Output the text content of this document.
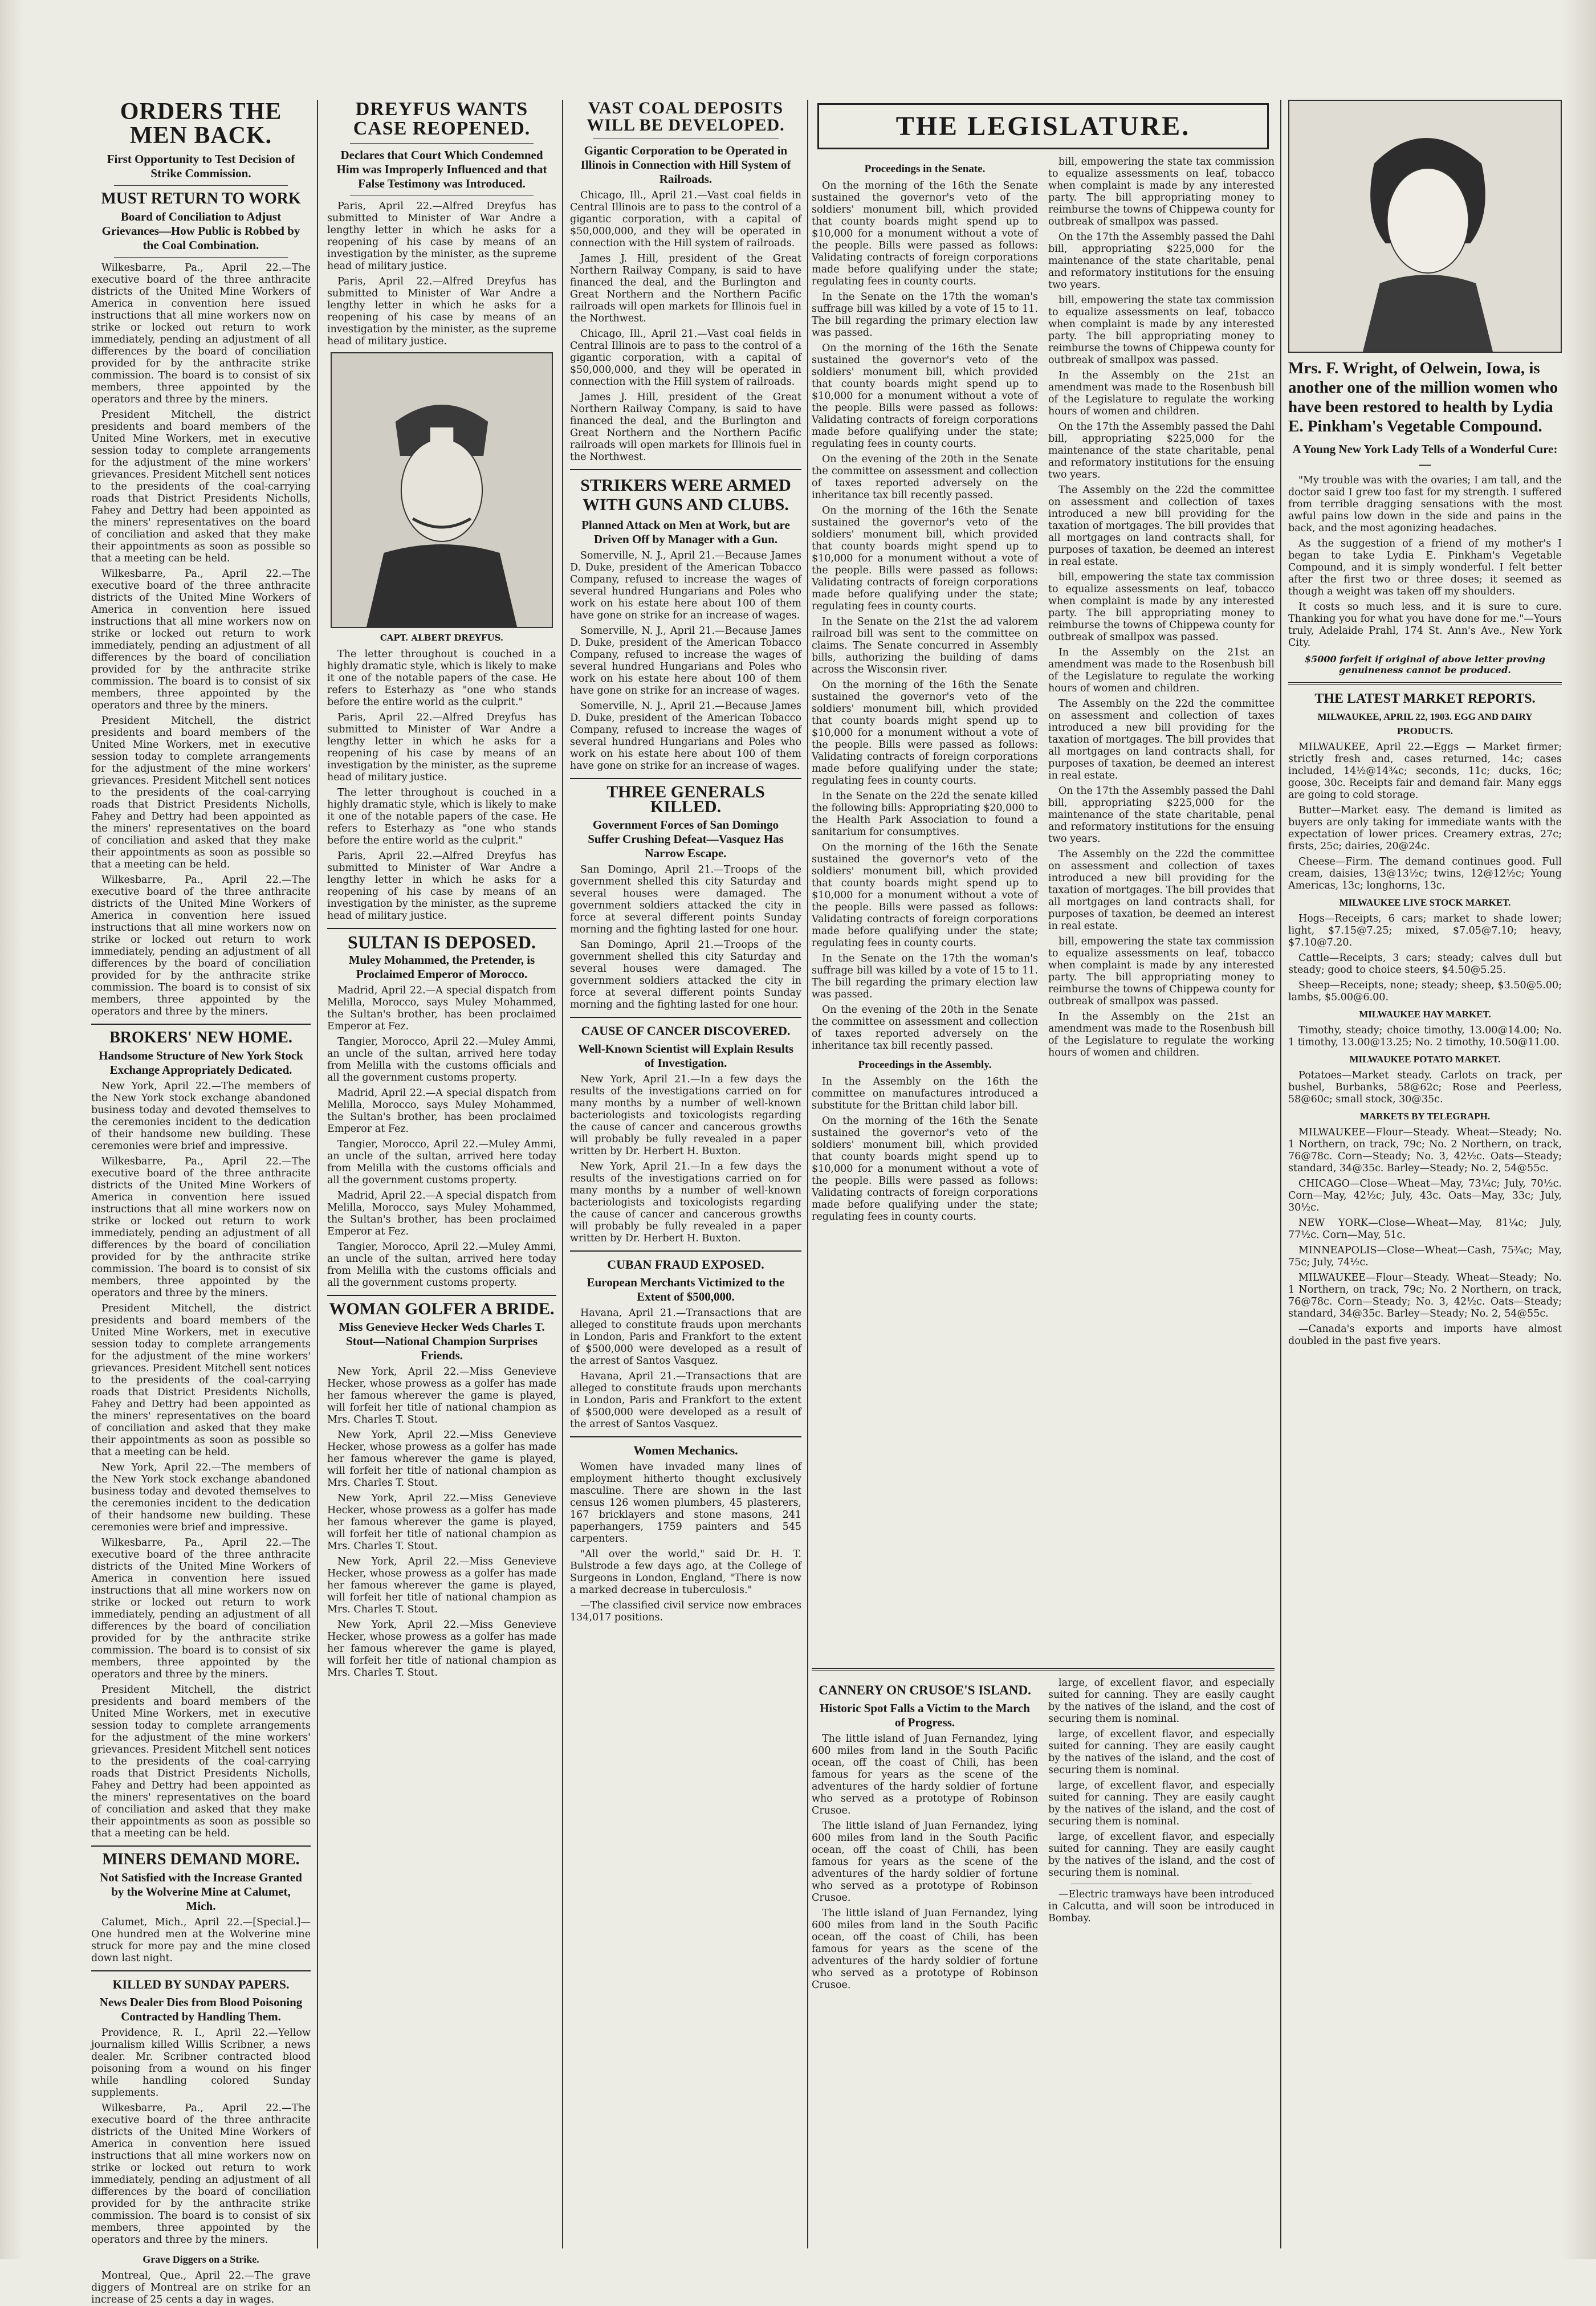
ORDERS THE MEN BACK.
First Opportunity to Test Decision of Strike Commission.
MUST RETURN TO WORK
Board of Conciliation to Adjust Grievances—How Public is Robbed by the Coal Combination.

Wilkesbarre, Pa., April 22.—The executive board of the three anthracite districts of the United Mine Workers of America in convention here issued instructions that all mine workers now on strike or locked out return to work immediately, pending an adjustment of all differences by the board of conciliation provided for by the anthracite strike commission. The board is to consist of six members, three appointed by the operators and three by the miners.

President Mitchell, the district presidents and board members of the United Mine Workers, met in executive session today to complete arrangements for the adjustment of the mine workers' grievances. President Mitchell sent notices to the presidents of the coal-carrying roads that District Presidents Nicholls, Fahey and Dettry had been appointed as the miners' representatives on the board of conciliation and asked that they make their appointments as soon as possible so that a meeting can be held.

Wilkesbarre, Pa., April 22.—The executive board of the three anthracite districts of the United Mine Workers of America in convention here issued instructions that all mine workers now on strike or locked out return to work immediately, pending an adjustment of all differences by the board of conciliation provided for by the anthracite strike commission. The board is to consist of six members, three appointed by the operators and three by the miners.

President Mitchell, the district presidents and board members of the United Mine Workers, met in executive session today to complete arrangements for the adjustment of the mine workers' grievances. President Mitchell sent notices to the presidents of the coal-carrying roads that District Presidents Nicholls, Fahey and Dettry had been appointed as the miners' representatives on the board of conciliation and asked that they make their appointments as soon as possible so that a meeting can be held.

Wilkesbarre, Pa., April 22.—The executive board of the three anthracite districts of the United Mine Workers of America in convention here issued instructions that all mine workers now on strike or locked out return to work immediately, pending an adjustment of all differences by the board of conciliation provided for by the anthracite strike commission. The board is to consist of six members, three appointed by the operators and three by the miners.

BROKERS' NEW HOME.
Handsome Structure of New York Stock Exchange Appropriately Dedicated.

New York, April 22.—The members of the New York stock exchange abandoned business today and devoted themselves to the ceremonies incident to the dedication of their handsome new building. These ceremonies were brief and impressive.

Wilkesbarre, Pa., April 22.—The executive board of the three anthracite districts of the United Mine Workers of America in convention here issued instructions that all mine workers now on strike or locked out return to work immediately, pending an adjustment of all differences by the board of conciliation provided for by the anthracite strike commission. The board is to consist of six members, three appointed by the operators and three by the miners.

President Mitchell, the district presidents and board members of the United Mine Workers, met in executive session today to complete arrangements for the adjustment of the mine workers' grievances. President Mitchell sent notices to the presidents of the coal-carrying roads that District Presidents Nicholls, Fahey and Dettry had been appointed as the miners' representatives on the board of conciliation and asked that they make their appointments as soon as possible so that a meeting can be held.

New York, April 22.—The members of the New York stock exchange abandoned business today and devoted themselves to the ceremonies incident to the dedication of their handsome new building. These ceremonies were brief and impressive.

Wilkesbarre, Pa., April 22.—The executive board of the three anthracite districts of the United Mine Workers of America in convention here issued instructions that all mine workers now on strike or locked out return to work immediately, pending an adjustment of all differences by the board of conciliation provided for by the anthracite strike commission. The board is to consist of six members, three appointed by the operators and three by the miners.

President Mitchell, the district presidents and board members of the United Mine Workers, met in executive session today to complete arrangements for the adjustment of the mine workers' grievances. President Mitchell sent notices to the presidents of the coal-carrying roads that District Presidents Nicholls, Fahey and Dettry had been appointed as the miners' representatives on the board of conciliation and asked that they make their appointments as soon as possible so that a meeting can be held.

MINERS DEMAND MORE.
Not Satisfied with the Increase Granted by the Wolverine Mine at Calumet, Mich.

Calumet, Mich., April 22.—[Special.]—One hundred men at the Wolverine mine struck for more pay and the mine closed down last night.

KILLED BY SUNDAY PAPERS.
News Dealer Dies from Blood Poisoning Contracted by Handling Them.

Providence, R. I., April 22.—Yellow journalism killed Willis Scribner, a news dealer. Mr. Scribner contracted blood poisoning from a wound on his finger while handling colored Sunday supplements.

Wilkesbarre, Pa., April 22.—The executive board of the three anthracite districts of the United Mine Workers of America in convention here issued instructions that all mine workers now on strike or locked out return to work immediately, pending an adjustment of all differences by the board of conciliation provided for by the anthracite strike commission. The board is to consist of six members, three appointed by the operators and three by the miners.

Grave Diggers on a Strike.

Montreal, Que., April 22.—The grave diggers of Montreal are on strike for an increase of 25 cents a day in wages.

DREYFUS WANTS CASE REOPENED.
Declares that Court Which Condemned Him was Improperly Influenced and that False Testimony was Introduced.

Paris, April 22.—Alfred Dreyfus has submitted to Minister of War Andre a lengthy letter in which he asks for a reopening of his case by means of an investigation by the minister, as the supreme head of military justice.

Paris, April 22.—Alfred Dreyfus has submitted to Minister of War Andre a lengthy letter in which he asks for a reopening of his case by means of an investigation by the minister, as the supreme head of military justice.

CAPT. ALBERT DREYFUS.

The letter throughout is couched in a highly dramatic style, which is likely to make it one of the notable papers of the case. He refers to Esterhazy as "one who stands before the entire world as the culprit."

Paris, April 22.—Alfred Dreyfus has submitted to Minister of War Andre a lengthy letter in which he asks for a reopening of his case by means of an investigation by the minister, as the supreme head of military justice.

The letter throughout is couched in a highly dramatic style, which is likely to make it one of the notable papers of the case. He refers to Esterhazy as "one who stands before the entire world as the culprit."

Paris, April 22.—Alfred Dreyfus has submitted to Minister of War Andre a lengthy letter in which he asks for a reopening of his case by means of an investigation by the minister, as the supreme head of military justice.

SULTAN IS DEPOSED.
Muley Mohammed, the Pretender, is Proclaimed Emperor of Morocco.

Madrid, April 22.—A special dispatch from Melilla, Morocco, says Muley Mohammed, the Sultan's brother, has been proclaimed Emperor at Fez.

Tangier, Morocco, April 22.—Muley Ammi, an uncle of the sultan, arrived here today from Melilla with the customs officials and all the government customs property.

Madrid, April 22.—A special dispatch from Melilla, Morocco, says Muley Mohammed, the Sultan's brother, has been proclaimed Emperor at Fez.

Tangier, Morocco, April 22.—Muley Ammi, an uncle of the sultan, arrived here today from Melilla with the customs officials and all the government customs property.

Madrid, April 22.—A special dispatch from Melilla, Morocco, says Muley Mohammed, the Sultan's brother, has been proclaimed Emperor at Fez.

Tangier, Morocco, April 22.—Muley Ammi, an uncle of the sultan, arrived here today from Melilla with the customs officials and all the government customs property.

WOMAN GOLFER A BRIDE.
Miss Genevieve Hecker Weds Charles T. Stout—National Champion Surprises Friends.

New York, April 22.—Miss Genevieve Hecker, whose prowess as a golfer has made her famous wherever the game is played, will forfeit her title of national champion as Mrs. Charles T. Stout.

New York, April 22.—Miss Genevieve Hecker, whose prowess as a golfer has made her famous wherever the game is played, will forfeit her title of national champion as Mrs. Charles T. Stout.

New York, April 22.—Miss Genevieve Hecker, whose prowess as a golfer has made her famous wherever the game is played, will forfeit her title of national champion as Mrs. Charles T. Stout.

New York, April 22.—Miss Genevieve Hecker, whose prowess as a golfer has made her famous wherever the game is played, will forfeit her title of national champion as Mrs. Charles T. Stout.

New York, April 22.—Miss Genevieve Hecker, whose prowess as a golfer has made her famous wherever the game is played, will forfeit her title of national champion as Mrs. Charles T. Stout.

VAST COAL DEPOSITS WILL BE DEVELOPED.
Gigantic Corporation to be Operated in Illinois in Connection with Hill System of Railroads.

Chicago, Ill., April 21.—Vast coal fields in Central Illinois are to pass to the control of a gigantic corporation, with a capital of $50,000,000, and they will be operated in connection with the Hill system of railroads.

James J. Hill, president of the Great Northern Railway Company, is said to have financed the deal, and the Burlington and Great Northern and the Northern Pacific railroads will open markets for Illinois fuel in the Northwest.

Chicago, Ill., April 21.—Vast coal fields in Central Illinois are to pass to the control of a gigantic corporation, with a capital of $50,000,000, and they will be operated in connection with the Hill system of railroads.

James J. Hill, president of the Great Northern Railway Company, is said to have financed the deal, and the Burlington and Great Northern and the Northern Pacific railroads will open markets for Illinois fuel in the Northwest.

STRIKERS WERE ARMED WITH GUNS AND CLUBS.
Planned Attack on Men at Work, but are Driven Off by Manager with a Gun.

Somerville, N. J., April 21.—Because James D. Duke, president of the American Tobacco Company, refused to increase the wages of several hundred Hungarians and Poles who work on his estate here about 100 of them have gone on strike for an increase of wages.

Somerville, N. J., April 21.—Because James D. Duke, president of the American Tobacco Company, refused to increase the wages of several hundred Hungarians and Poles who work on his estate here about 100 of them have gone on strike for an increase of wages.

Somerville, N. J., April 21.—Because James D. Duke, president of the American Tobacco Company, refused to increase the wages of several hundred Hungarians and Poles who work on his estate here about 100 of them have gone on strike for an increase of wages.

THREE GENERALS KILLED.
Government Forces of San Domingo Suffer Crushing Defeat—Vasquez Has Narrow Escape.

San Domingo, April 21.—Troops of the government shelled this city Saturday and several houses were damaged. The government soldiers attacked the city in force at several different points Sunday morning and the fighting lasted for one hour.

San Domingo, April 21.—Troops of the government shelled this city Saturday and several houses were damaged. The government soldiers attacked the city in force at several different points Sunday morning and the fighting lasted for one hour.

CAUSE OF CANCER DISCOVERED.
Well-Known Scientist will Explain Results of Investigation.

New York, April 21.—In a few days the results of the investigations carried on for many months by a number of well-known bacteriologists and toxicologists regarding the cause of cancer and cancerous growths will probably be fully revealed in a paper written by Dr. Herbert H. Buxton.

New York, April 21.—In a few days the results of the investigations carried on for many months by a number of well-known bacteriologists and toxicologists regarding the cause of cancer and cancerous growths will probably be fully revealed in a paper written by Dr. Herbert H. Buxton.

CUBAN FRAUD EXPOSED.
European Merchants Victimized to the Extent of $500,000.

Havana, April 21.—Transactions that are alleged to constitute frauds upon merchants in London, Paris and Frankfort to the extent of $500,000 were developed as a result of the arrest of Santos Vasquez.

Havana, April 21.—Transactions that are alleged to constitute frauds upon merchants in London, Paris and Frankfort to the extent of $500,000 were developed as a result of the arrest of Santos Vasquez.

Women Mechanics.

Women have invaded many lines of employment hitherto thought exclusively masculine. There are shown in the last census 126 women plumbers, 45 plasterers, 167 bricklayers and stone masons, 241 paperhangers, 1759 painters and 545 carpenters.

"All over the world," said Dr. H. T. Bulstrode a few days ago, at the College of Surgeons in London, England, "There is now a marked decrease in tuberculosis."

—The classified civil service now embraces 134,017 positions.

THE LEGISLATURE.
Proceedings in the Senate.

On the morning of the 16th the Senate sustained the governor's veto of the soldiers' monument bill, which provided that county boards might spend up to $10,000 for a monument without a vote of the people. Bills were passed as follows: Validating contracts of foreign corporations made before qualifying under the state; regulating fees in county courts.

In the Senate on the 17th the woman's suffrage bill was killed by a vote of 15 to 11. The bill regarding the primary election law was passed.

On the morning of the 16th the Senate sustained the governor's veto of the soldiers' monument bill, which provided that county boards might spend up to $10,000 for a monument without a vote of the people. Bills were passed as follows: Validating contracts of foreign corporations made before qualifying under the state; regulating fees in county courts.

On the evening of the 20th in the Senate the committee on assessment and collection of taxes reported adversely on the inheritance tax bill recently passed.

On the morning of the 16th the Senate sustained the governor's veto of the soldiers' monument bill, which provided that county boards might spend up to $10,000 for a monument without a vote of the people. Bills were passed as follows: Validating contracts of foreign corporations made before qualifying under the state; regulating fees in county courts.

In the Senate on the 21st the ad valorem railroad bill was sent to the committee on claims. The Senate concurred in Assembly bills, authorizing the building of dams across the Wisconsin river.

On the morning of the 16th the Senate sustained the governor's veto of the soldiers' monument bill, which provided that county boards might spend up to $10,000 for a monument without a vote of the people. Bills were passed as follows: Validating contracts of foreign corporations made before qualifying under the state; regulating fees in county courts.

In the Senate on the 22d the senate killed the following bills: Appropriating $20,000 to the Health Park Association to found a sanitarium for consumptives.

On the morning of the 16th the Senate sustained the governor's veto of the soldiers' monument bill, which provided that county boards might spend up to $10,000 for a monument without a vote of the people. Bills were passed as follows: Validating contracts of foreign corporations made before qualifying under the state; regulating fees in county courts.

In the Senate on the 17th the woman's suffrage bill was killed by a vote of 15 to 11. The bill regarding the primary election law was passed.

On the evening of the 20th in the Senate the committee on assessment and collection of taxes reported adversely on the inheritance tax bill recently passed.

Proceedings in the Assembly.

In the Assembly on the 16th the committee on manufactures introduced a substitute for the Brittan child labor bill.

On the morning of the 16th the Senate sustained the governor's veto of the soldiers' monument bill, which provided that county boards might spend up to $10,000 for a monument without a vote of the people. Bills were passed as follows: Validating contracts of foreign corporations made before qualifying under the state; regulating fees in county courts.

bill, empowering the state tax commission to equalize assessments on leaf, tobacco when complaint is made by any interested party. The bill appropriating money to reimburse the towns of Chippewa county for outbreak of smallpox was passed.

On the 17th the Assembly passed the Dahl bill, appropriating $225,000 for the maintenance of the state charitable, penal and reformatory institutions for the ensuing two years.

bill, empowering the state tax commission to equalize assessments on leaf, tobacco when complaint is made by any interested party. The bill appropriating money to reimburse the towns of Chippewa county for outbreak of smallpox was passed.

In the Assembly on the 21st an amendment was made to the Rosenbush bill of the Legislature to regulate the working hours of women and children.

On the 17th the Assembly passed the Dahl bill, appropriating $225,000 for the maintenance of the state charitable, penal and reformatory institutions for the ensuing two years.

The Assembly on the 22d the committee on assessment and collection of taxes introduced a new bill providing for the taxation of mortgages. The bill provides that all mortgages on land contracts shall, for purposes of taxation, be deemed an interest in real estate.

bill, empowering the state tax commission to equalize assessments on leaf, tobacco when complaint is made by any interested party. The bill appropriating money to reimburse the towns of Chippewa county for outbreak of smallpox was passed.

In the Assembly on the 21st an amendment was made to the Rosenbush bill of the Legislature to regulate the working hours of women and children.

The Assembly on the 22d the committee on assessment and collection of taxes introduced a new bill providing for the taxation of mortgages. The bill provides that all mortgages on land contracts shall, for purposes of taxation, be deemed an interest in real estate.

On the 17th the Assembly passed the Dahl bill, appropriating $225,000 for the maintenance of the state charitable, penal and reformatory institutions for the ensuing two years.

The Assembly on the 22d the committee on assessment and collection of taxes introduced a new bill providing for the taxation of mortgages. The bill provides that all mortgages on land contracts shall, for purposes of taxation, be deemed an interest in real estate.

bill, empowering the state tax commission to equalize assessments on leaf, tobacco when complaint is made by any interested party. The bill appropriating money to reimburse the towns of Chippewa county for outbreak of smallpox was passed.

In the Assembly on the 21st an amendment was made to the Rosenbush bill of the Legislature to regulate the working hours of women and children.

CANNERY ON CRUSOE'S ISLAND.
Historic Spot Falls a Victim to the March of Progress.

The little island of Juan Fernandez, lying 600 miles from land in the South Pacific ocean, off the coast of Chili, has been famous for years as the scene of the adventures of the hardy soldier of fortune who served as a prototype of Robinson Crusoe.

The little island of Juan Fernandez, lying 600 miles from land in the South Pacific ocean, off the coast of Chili, has been famous for years as the scene of the adventures of the hardy soldier of fortune who served as a prototype of Robinson Crusoe.

The little island of Juan Fernandez, lying 600 miles from land in the South Pacific ocean, off the coast of Chili, has been famous for years as the scene of the adventures of the hardy soldier of fortune who served as a prototype of Robinson Crusoe.

large, of excellent flavor, and especially suited for canning. They are easily caught by the natives of the island, and the cost of securing them is nominal.

large, of excellent flavor, and especially suited for canning. They are easily caught by the natives of the island, and the cost of securing them is nominal.

large, of excellent flavor, and especially suited for canning. They are easily caught by the natives of the island, and the cost of securing them is nominal.

large, of excellent flavor, and especially suited for canning. They are easily caught by the natives of the island, and the cost of securing them is nominal.

—Electric tramways have been introduced in Calcutta, and will soon be introduced in Bombay.

Mrs. F. Wright, of Oelwein, Iowa, is another one of the million women who have been restored to health by Lydia E. Pinkham's Vegetable Compound.
A Young New York Lady Tells of a Wonderful Cure:—

"My trouble was with the ovaries; I am tall, and the doctor said I grew too fast for my strength. I suffered from terrible dragging sensations with the most awful pains low down in the side and pains in the back, and the most agonizing headaches.

As the suggestion of a friend of my mother's I began to take Lydia E. Pinkham's Vegetable Compound, and it is simply wonderful. I felt better after the first two or three doses; it seemed as though a weight was taken off my shoulders.

It costs so much less, and it is sure to cure. Thanking you for what you have done for me."—Yours truly, Adelaide Prahl, 174 St. Ann's Ave., New York City.

$5000 forfeit if original of above letter proving genuineness cannot be produced.
THE LATEST MARKET REPORTS.
MILWAUKEE, APRIL 22, 1903. EGG AND DAIRY PRODUCTS.

MILWAUKEE, April 22.—Eggs — Market firmer; strictly fresh and, cases returned, 14c; cases included, 14½@14¾c; seconds, 11c; ducks, 16c; goose, 30c. Receipts fair and demand fair. Many eggs are going to cold storage.

Butter—Market easy. The demand is limited as buyers are only taking for immediate wants with the expectation of lower prices. Creamery extras, 27c; firsts, 25c; dairies, 20@24c.

Cheese—Firm. The demand continues good. Full cream, daisies, 13@13½c; twins, 12@12½c; Young Americas, 13c; longhorns, 13c.

MILWAUKEE LIVE STOCK MARKET.

Hogs—Receipts, 6 cars; market to shade lower; light, $7.15@7.25; mixed, $7.05@7.10; heavy, $7.10@7.20.

Cattle—Receipts, 3 cars; steady; calves dull but steady; good to choice steers, $4.50@5.25.

Sheep—Receipts, none; steady; sheep, $3.50@5.00; lambs, $5.00@6.00.

MILWAUKEE HAY MARKET.

Timothy, steady; choice timothy, 13.00@14.00; No. 1 timothy, 13.00@13.25; No. 2 timothy, 10.50@11.00.

MILWAUKEE POTATO MARKET.

Potatoes—Market steady. Carlots on track, per bushel, Burbanks, 58@62c; Rose and Peerless, 58@60c; small stock, 30@35c.

MARKETS BY TELEGRAPH.

MILWAUKEE—Flour—Steady. Wheat—Steady; No. 1 Northern, on track, 79c; No. 2 Northern, on track, 76@78c. Corn—Steady; No. 3, 42½c. Oats—Steady; standard, 34@35c. Barley—Steady; No. 2, 54@55c.

CHICAGO—Close—Wheat—May, 73¼c; July, 70½c. Corn—May, 42½c; July, 43c. Oats—May, 33c; July, 30½c.

NEW YORK—Close—Wheat—May, 81¼c; July, 77½c. Corn—May, 51c.

MINNEAPOLIS—Close—Wheat—Cash, 75¾c; May, 75c; July, 74½c.

MILWAUKEE—Flour—Steady. Wheat—Steady; No. 1 Northern, on track, 79c; No. 2 Northern, on track, 76@78c. Corn—Steady; No. 3, 42½c. Oats—Steady; standard, 34@35c. Barley—Steady; No. 2, 54@55c.

—Canada's exports and imports have almost doubled in the past five years.
